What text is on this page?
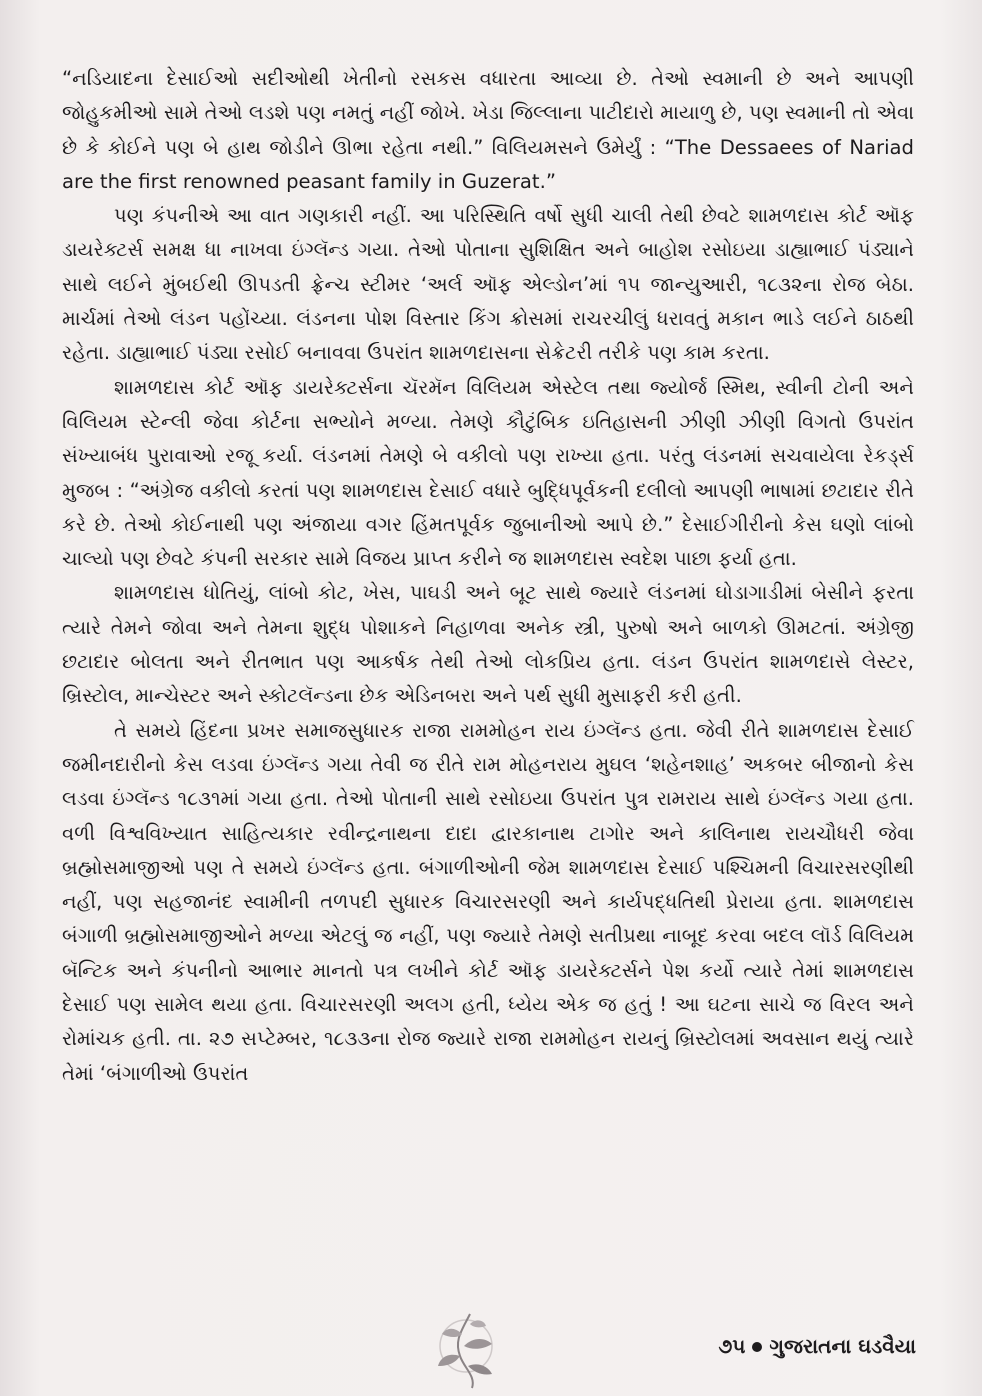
“નડિયાદના દેસાઈઓ સદીઓથી ખેતીનો રસકસ વધારતા આવ્યા છે. તેઓ સ્વમાની છે અને આપણી જોહુકમીઓ સામે તેઓ લડશે પણ નમતું નહીં જોખે. ખેડા જિલ્લાના પાટીદારો માયાળુ છે, પણ સ્વમાની તો એવા છે કે કોઈને પણ બે હાથ જોડીને ઊભા રહેતા નથી.” વિલિયમસને ઉમેર્યું : “The Dessaees of Nariad are the first renowned peasant family in Guzerat.”

પણ કંપનીએ આ વાત ગણકારી નહીં. આ પરિસ્થિતિ વર્ષો સુધી ચાલી તેથી છેવટે શામળદાસ કોર્ટ ઑફ ડાયરેક્ટર્સ સમક્ષ ધા નાખવા ઇંગ્લૅન્ડ ગયા. તેઓ પોતાના સુશિક્ષિત અને બાહોશ રસોઇયા ડાહ્યાભાઈ પંડ્યાને સાથે લઈને મુંબઈથી ઊપડતી ફ્રેન્ચ સ્ટીમર ‘અર્લ ઑફ એલ્ડોન’માં ૧૫ જાન્યુઆરી, ૧૮૩૨ના રોજ બેઠા. માર્ચમાં તેઓ લંડન પહોંચ્યા. લંડનના પોશ વિસ્તાર કિંગ ક્રોસમાં રાચરચીલું ધરાવતું મકાન ભાડે લઈને ઠાઠથી રહેતા. ડાહ્યાભાઈ પંડ્યા રસોઈ બનાવવા ઉપરાંત શામળદાસના સેક્રેટરી તરીકે પણ કામ કરતા.

શામળદાસ કોર્ટ ઑફ ડાયરેક્ટર્સના ચૅરમૅન વિલિયમ એસ્ટેલ તથા જ્યોર્જ સ્મિથ, સ્વીની ટોની અને વિલિયમ સ્ટેન્લી જેવા કોર્ટના સભ્યોને મળ્યા. તેમણે કૌટુંબિક ઇતિહાસની ઝીણી ઝીણી વિગતો ઉપરાંત સંખ્યાબંધ પુરાવાઓ રજૂ કર્યા. લંડનમાં તેમણે બે વકીલો પણ રાખ્યા હતા. પરંતુ લંડનમાં સચવાયેલા રેકર્ડ્સ મુજબ : “અંગ્રેજ વકીલો કરતાં પણ શામળદાસ દેસાઈ વધારે બુદ્ધિપૂર્વકની દલીલો આપણી ભાષામાં છટાદાર રીતે કરે છે. તેઓ કોઈનાથી પણ અંજાયા વગર હિંમતપૂર્વક જુબાનીઓ આપે છે.” દેસાઈગીરીનો કેસ ઘણો લાંબો ચાલ્યો પણ છેવટે કંપની સરકાર સામે વિજય પ્રાપ્ત કરીને જ શામળદાસ સ્વદેશ પાછા ફર્યા હતા.

શામળદાસ ધોતિયું, લાંબો કોટ, ખેસ, પાઘડી અને બૂટ સાથે જ્યારે લંડનમાં ઘોડાગાડીમાં બેસીને ફરતા ત્યારે તેમને જોવા અને તેમના શુદ્ધ પોશાકને નિહાળવા અનેક સ્ત્રી, પુરુષો અને બાળકો ઊમટતાં. અંગ્રેજી છટાદાર બોલતા અને રીતભાત પણ આકર્ષક તેથી તેઓ લોકપ્રિય હતા. લંડન ઉપરાંત શામળદાસે લેસ્ટર, બ્રિસ્ટોલ, માન્ચેસ્ટર અને સ્કોટલૅન્ડના છેક એડિનબરા અને પર્થ સુધી મુસાફરી કરી હતી.

તે સમયે હિંદના પ્રખર સમાજસુધારક રાજા રામમોહન રાય ઇંગ્લૅન્ડ હતા. જેવી રીતે શામળદાસ દેસાઈ જમીનદારીનો કેસ લડવા ઇંગ્લૅન્ડ ગયા તેવી જ રીતે રામ મોહનરાય મુઘલ ‘શહેનશાહ’ અકબર બીજાનો કેસ લડવા ઇંગ્લૅન્ડ ૧૮૩૧માં ગયા હતા. તેઓ પોતાની સાથે રસોઇયા ઉપરાંત પુત્ર રામરાય સાથે ઇંગ્લૅન્ડ ગયા હતા. વળી વિશ્વવિખ્યાત સાહિત્યકાર રવીન્દ્રનાથના દાદા દ્વારકાનાથ ટાગોર અને કાલિનાથ રાયચૌધરી જેવા બ્રહ્મોસમાજીઓ પણ તે સમયે ઇંગ્લૅન્ડ હતા. બંગાળીઓની જેમ શામળદાસ દેસાઈ પશ્ચિમની વિચારસરણીથી નહીં, પણ સહજાનંદ સ્વામીની તળપદી સુધારક વિચારસરણી અને કાર્યપદ્ધતિથી પ્રેરાયા હતા. શામળદાસ બંગાળી બ્રહ્મોસમાજીઓને મળ્યા એટલું જ નહીં, પણ જ્યારે તેમણે સતીપ્રથા નાબૂદ કરવા બદલ લૉર્ડ વિલિયમ બૅન્ટિક અને કંપનીનો આભાર માનતો પત્ર લખીને કોર્ટ ઑફ ડાયરેક્ટર્સને પેશ કર્યો ત્યારે તેમાં શામળદાસ દેસાઈ પણ સામેલ થયા હતા. વિચારસરણી અલગ હતી, ધ્યેય એક જ હતું ! આ ઘટના સાચે જ વિરલ અને રોમાંચક હતી. તા. ૨૭ સપ્ટેમ્બર, ૧૮૩૩ના રોજ જ્યારે રાજા રામમોહન રાયનું બ્રિસ્ટોલમાં અવસાન થયું ત્યારે તેમાં ‘બંગાળીઓ ઉપરાંત

૭૫ ગુજરાતના ઘડવૈયા
